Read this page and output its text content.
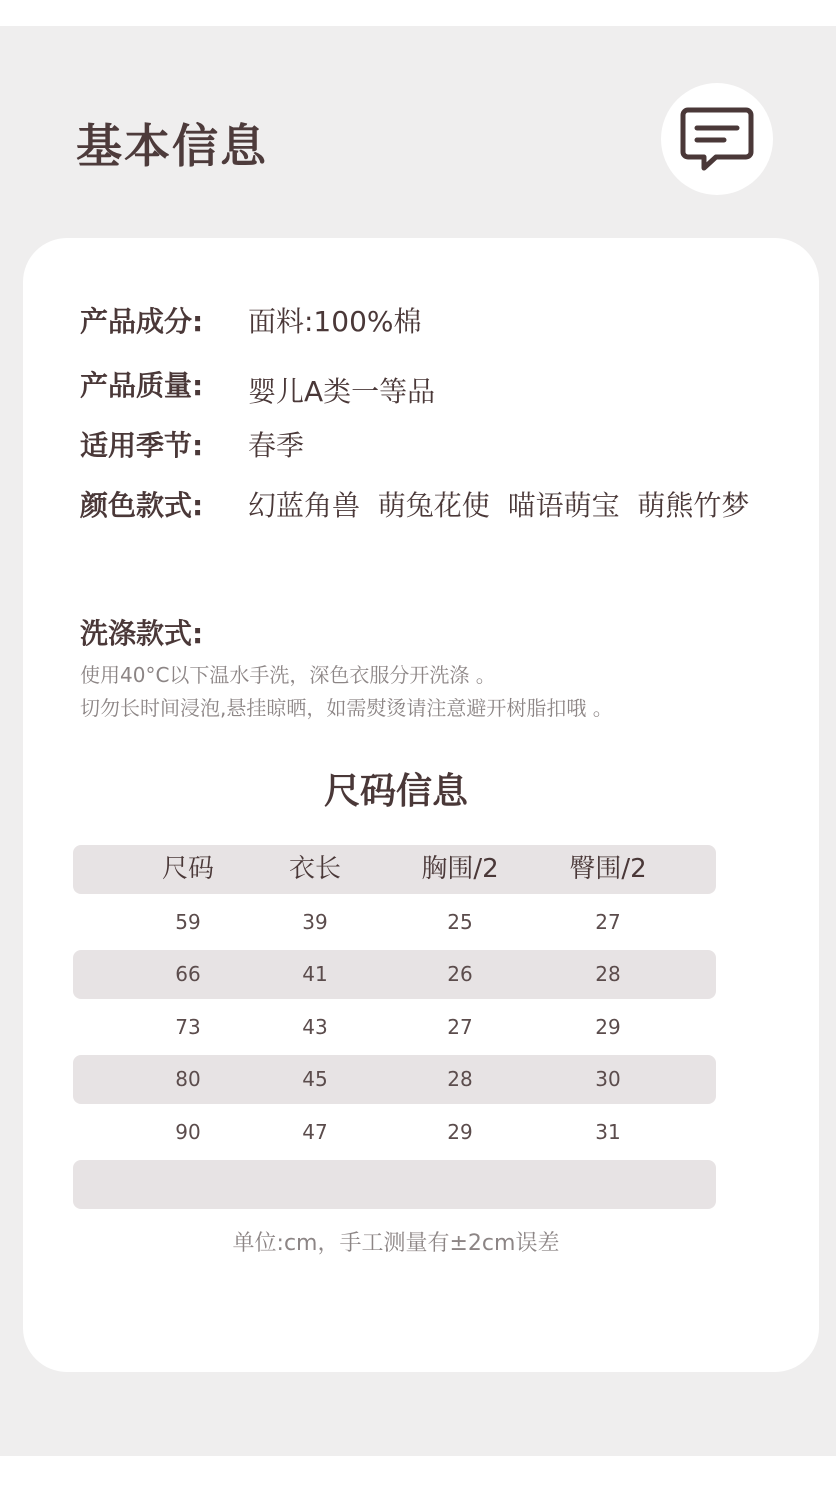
基本信息
产品成分:	面料:100%棉
产品质量:	婴儿A类一等品
适用季节:	春季
颜色款式:	幻蓝角兽  萌兔花使  喵语萌宝  萌熊竹梦
洗涤款式:
使用40°C以下温水手洗，深色衣服分开洗涤 。
切勿长时间浸泡,悬挂晾晒，如需熨烫请注意避开树脂扣哦 。
尺码信息
尺码	衣长	胸围/2	臀围/2
59	39	25	27
66	41	26	28
73	43	27	29
80	45	28	30
90	47	29	31
单位:cm，手工测量有±2cm误差
